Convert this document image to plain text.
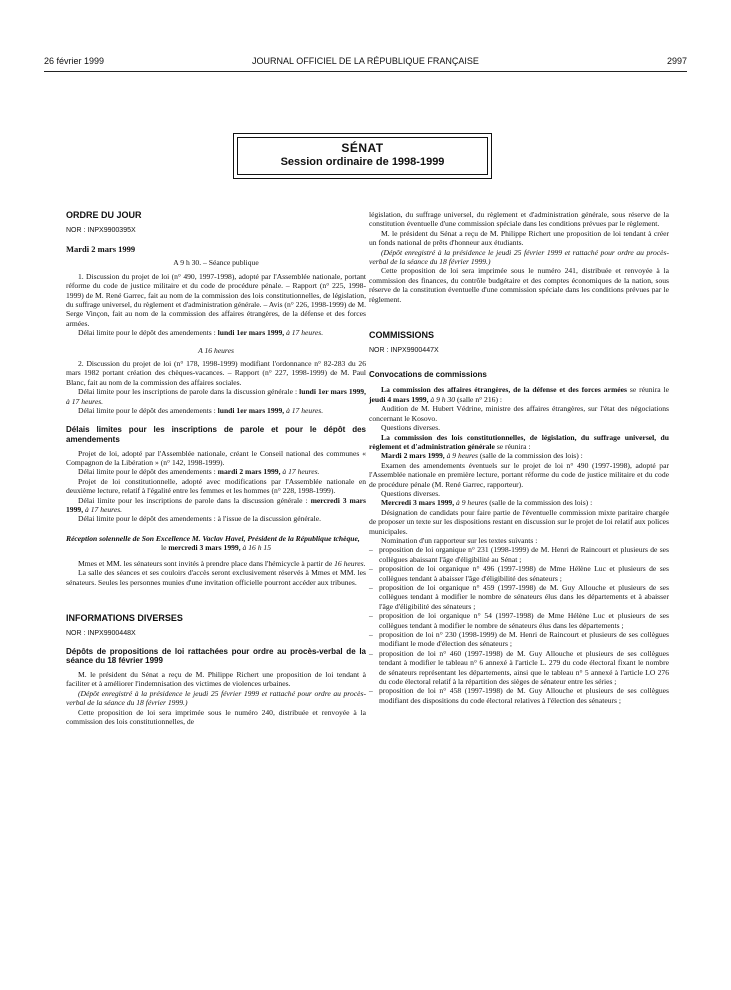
26 février 1999	JOURNAL OFFICIEL DE LA RÉPUBLIQUE FRANÇAISE	2997
SÉNAT
Session ordinaire de 1998-1999

ORDRE DU JOUR

NOR : INPX9900395X

Mardi 2 mars 1999

A 9 h 30. – Séance publique

1. Discussion du projet de loi (n° 490, 1997-1998), adopté par l'Assemblée nationale, portant réforme du code de justice militaire et du code de procédure pénale. – Rapport (n° 225, 1998-1999) de M. René Garrec, fait au nom de la commission des lois constitutionnelles, de législation, du suffrage universel, du règlement et d'administration générale. – Avis (n° 226, 1998-1999) de M. Serge Vinçon, fait au nom de la commission des affaires étrangères, de la défense et des forces armées.

Délai limite pour le dépôt des amendements : lundi 1er mars 1999, à 17 heures.

A 16 heures

2. Discussion du projet de loi (n° 178, 1998-1999) modifiant l'ordonnance n° 82-283 du 26 mars 1982 portant création des chèques-vacances. – Rapport (n° 227, 1998-1999) de M. Paul Blanc, fait au nom de la commission des affaires sociales.

Délai limite pour les inscriptions de parole dans la discussion générale : lundi 1er mars 1999, à 17 heures.

Délai limite pour le dépôt des amendements : lundi 1er mars 1999, à 17 heures.

Délais limites pour les inscriptions de parole et pour le dépôt des amendements

Projet de loi, adopté par l'Assemblée nationale, créant le Conseil national des communes « Compagnon de la Libération » (n° 142, 1998-1999).

Délai limite pour le dépôt des amendements : mardi 2 mars 1999, à 17 heures.

Projet de loi constitutionnelle, adopté avec modifications par l'Assemblée nationale en deuxième lecture, relatif à l'égalité entre les femmes et les hommes (n° 228, 1998-1999).

Délai limite pour les inscriptions de parole dans la discussion générale : mercredi 3 mars 1999, à 17 heures.

Délai limite pour le dépôt des amendements : à l'issue de la discussion générale.

Réception solennelle de Son Excellence M. Vaclav Havel, Président de la République tchèque,

le mercredi 3 mars 1999, à 16 h 15

Mmes et MM. les sénateurs sont invités à prendre place dans l'hémicycle à partir de 16 heures.

La salle des séances et ses couloirs d'accès seront exclusivement réservés à Mmes et MM. les sénateurs. Seules les personnes munies d'une invitation officielle pourront accéder aux tribunes.

INFORMATIONS DIVERSES

NOR : INPX9900448X

Dépôts de propositions de loi rattachées pour ordre au procès-verbal de la séance du 18 février 1999

M. le président du Sénat a reçu de M. Philippe Richert une proposition de loi tendant à faciliter et à améliorer l'indemnisation des victimes de violences urbaines.

(Dépôt enregistré à la présidence le jeudi 25 février 1999 et rattaché pour ordre au procès-verbal de la séance du 18 février 1999.)

Cette proposition de loi sera imprimée sous le numéro 240, distribuée et renvoyée à la commission des lois constitutionnelles, de

législation, du suffrage universel, du règlement et d'administration générale, sous réserve de la constitution éventuelle d'une commission spéciale dans les conditions prévues par le règlement.

M. le président du Sénat a reçu de M. Philippe Richert une proposition de loi tendant à créer un fonds national de prêts d'honneur aux étudiants.

(Dépôt enregistré à la présidence le jeudi 25 février 1999 et rattaché pour ordre au procès-verbal de la séance du 18 février 1999.)

Cette proposition de loi sera imprimée sous le numéro 241, distribuée et renvoyée à la commission des finances, du contrôle budgétaire et des comptes économiques de la nation, sous réserve de la constitution éventuelle d'une commission spéciale dans les conditions prévues par le règlement.

COMMISSIONS

NOR : INPX9900447X

Convocations de commissions

La commission des affaires étrangères, de la défense et des forces armées se réunira le jeudi 4 mars 1999, à 9 h 30 (salle n° 216) :

Audition de M. Hubert Védrine, ministre des affaires étrangères, sur l'état des négociations concernant le Kosovo.

Questions diverses.

La commission des lois constitutionnelles, de législation, du suffrage universel, du règlement et d'administration générale se réunira :

Mardi 2 mars 1999, à 9 heures (salle de la commission des lois) :

Examen des amendements éventuels sur le projet de loi n° 490 (1997-1998), adopté par l'Assemblée nationale en première lecture, portant réforme du code de justice militaire et du code de procédure pénale (M. René Garrec, rapporteur).

Questions diverses.

Mercredi 3 mars 1999, à 9 heures (salle de la commission des lois) :

Désignation de candidats pour faire partie de l'éventuelle commission mixte paritaire chargée de proposer un texte sur les dispositions restant en discussion sur le projet de loi relatif aux polices municipales.

Nomination d'un rapporteur sur les textes suivants :

– proposition de loi organique n° 231 (1998-1999) de M. Henri de Raincourt et plusieurs de ses collègues abaissant l'âge d'éligibilité au Sénat ;
– proposition de loi organique n° 496 (1997-1998) de Mme Hélène Luc et plusieurs de ses collègues tendant à abaisser l'âge d'éligibilité des sénateurs ;
– proposition de loi organique n° 459 (1997-1998) de M. Guy Allouche et plusieurs de ses collègues tendant à modifier le nombre de sénateurs élus dans les départements et à abaisser l'âge d'éligibilité des sénateurs ;
– proposition de loi organique n° 54 (1997-1998) de Mme Hélène Luc et plusieurs de ses collègues tendant à modifier le nombre de sénateurs élus dans les départements ;
– proposition de loi n° 230 (1998-1999) de M. Henri de Raincourt et plusieurs de ses collègues modifiant le mode d'élection des sénateurs ;
– proposition de loi n° 460 (1997-1998) de M. Guy Allouche et plusieurs de ses collègues tendant à modifier le tableau n° 6 annexé à l'article L. 279 du code électoral fixant le nombre de sénateurs représentant les départements, ainsi que le tableau n° 5 annexé à l'article LO 276 du code électoral relatif à la répartition des sièges de sénateur entre les séries ;
– proposition de loi n° 458 (1997-1998) de M. Guy Allouche et plusieurs de ses collègues modifiant des dispositions du code électoral relatives à l'élection des sénateurs ;
